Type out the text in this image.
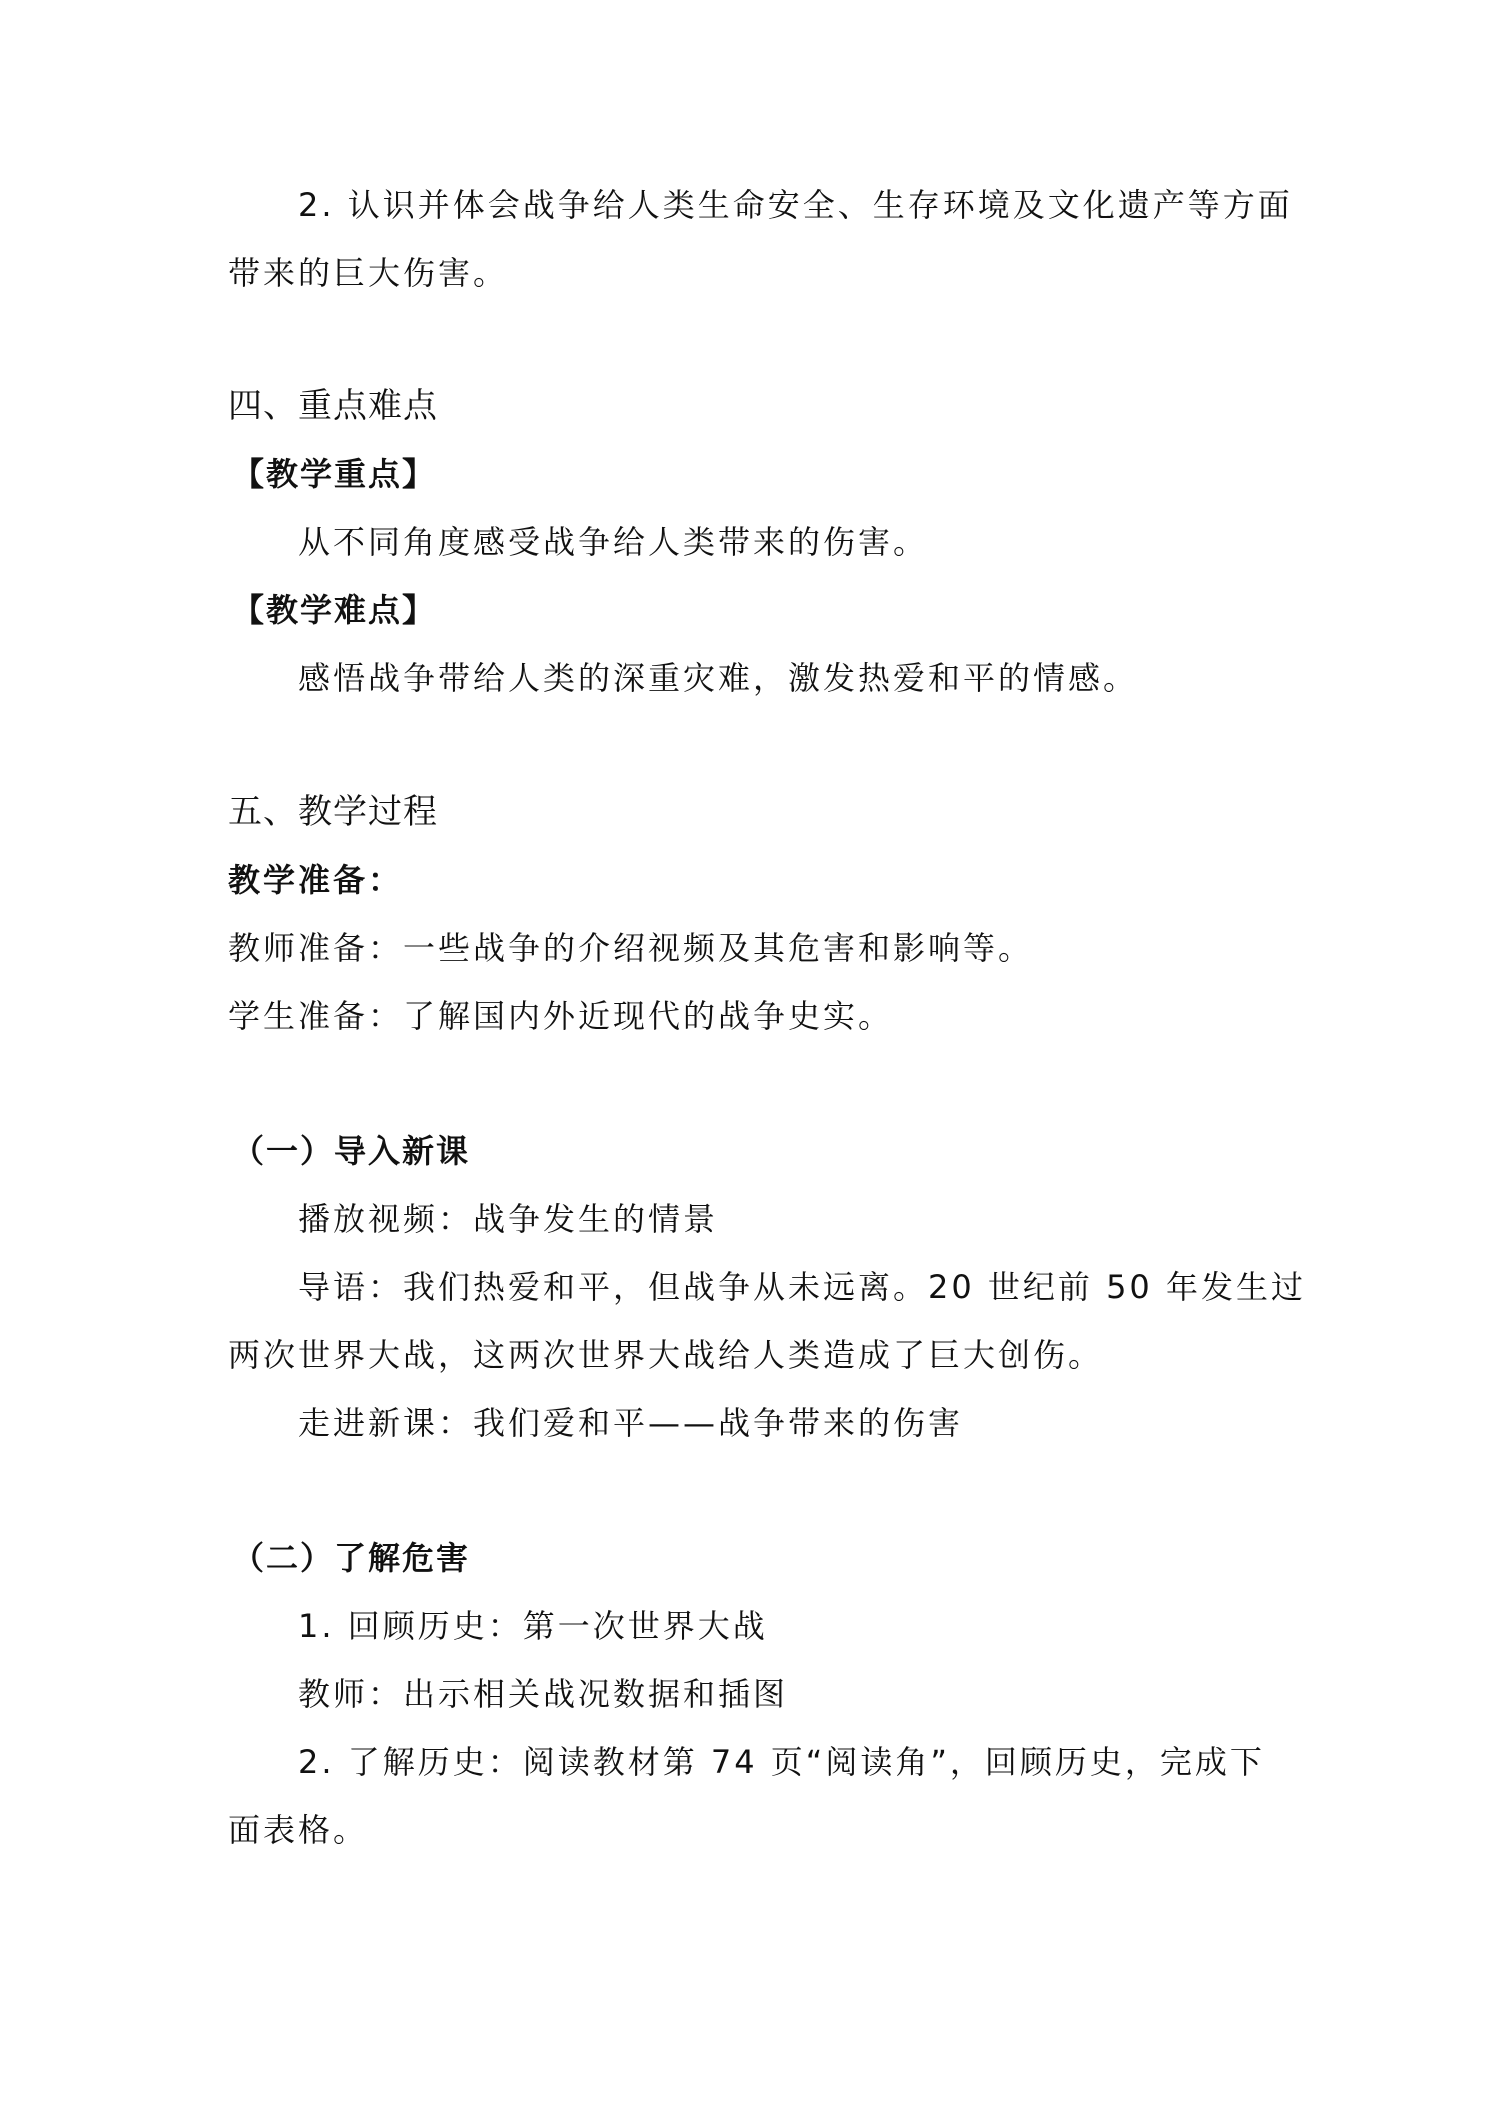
2. 认识并体会战争给人类生命安全、生存环境及文化遗产等方面
带来的巨大伤害。
四、重点难点
【教学重点】
从不同角度感受战争给人类带来的伤害。
【教学难点】
感悟战争带给人类的深重灾难，激发热爱和平的情感。
五、教学过程
教学准备：
教师准备：一些战争的介绍视频及其危害和影响等。
学生准备：了解国内外近现代的战争史实。
（一）导入新课
播放视频：战争发生的情景
导语：我们热爱和平，但战争从未远离。20 世纪前 50 年发生过
两次世界大战，这两次世界大战给人类造成了巨大创伤。
走进新课：我们爱和平——战争带来的伤害
（二）了解危害
1. 回顾历史：第一次世界大战
教师：出示相关战况数据和插图
2. 了解历史：阅读教材第 74 页“阅读角”，回顾历史，完成下
面表格。
